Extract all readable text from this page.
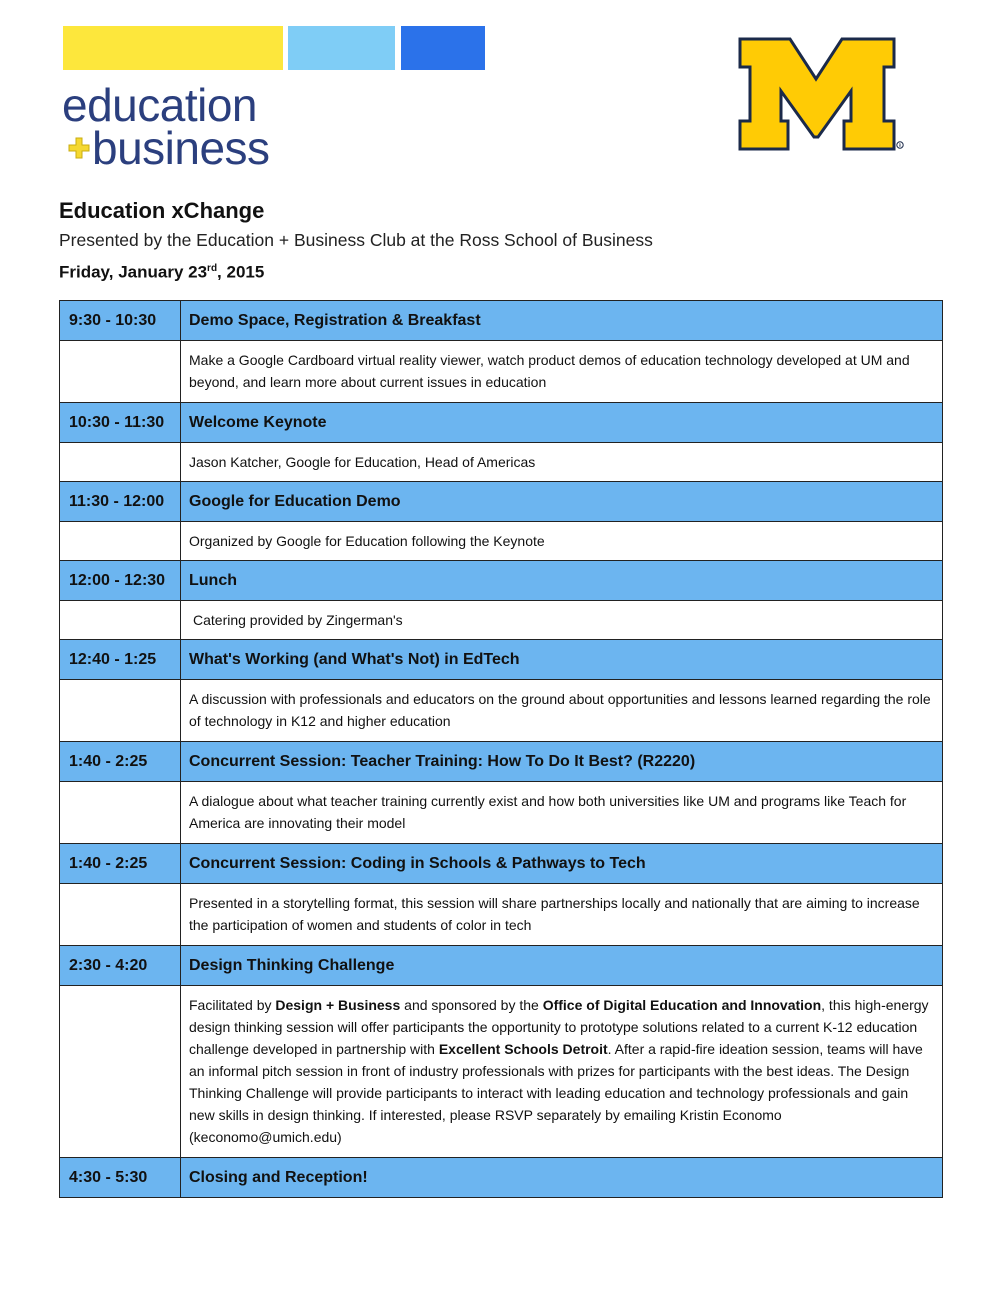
education
business	R

Education xChange

Presented by the Education + Business Club at the Ross School of Business

Friday, January 23rd, 2015

9:30 - 10:30	Demo Space, Registration & Breakfast
	Make a Google Cardboard virtual reality viewer, watch product demos of education technology developed at UM and beyond, and learn more about current issues in education
10:30 - 11:30	Welcome Keynote
	Jason Katcher, Google for Education, Head of Americas
11:30 - 12:00	Google for Education Demo
	Organized by Google for Education following the Keynote
12:00 - 12:30	Lunch
	Catering provided by Zingerman's
12:40 - 1:25	What's Working (and What's Not) in EdTech
	A discussion with professionals and educators on the ground about opportunities and lessons learned regarding the role of technology in K12 and higher education
1:40 - 2:25	Concurrent Session: Teacher Training: How To Do It Best? (R2220)
	A dialogue about what teacher training currently exist and how both universities like UM and programs like Teach for America are innovating their model
1:40 - 2:25	Concurrent Session: Coding in Schools & Pathways to Tech
	Presented in a storytelling format, this session will share partnerships locally and nationally that are aiming to increase the participation of women and students of color in tech
2:30 - 4:20	Design Thinking Challenge
	Facilitated by Design + Business and sponsored by the Office of Digital Education and Innovation, this high-energy design thinking session will offer participants the opportunity to prototype solutions related to a current K-12 education challenge developed in partnership with Excellent Schools Detroit. After a rapid-fire ideation session, teams will have an informal pitch session in front of industry professionals with prizes for participants with the best ideas. The Design Thinking Challenge will provide participants to interact with leading education and technology professionals and gain new skills in design thinking. If interested, please RSVP separately by emailing Kristin Economo (keconomo@umich.edu)
4:30 - 5:30	Closing and Reception!
